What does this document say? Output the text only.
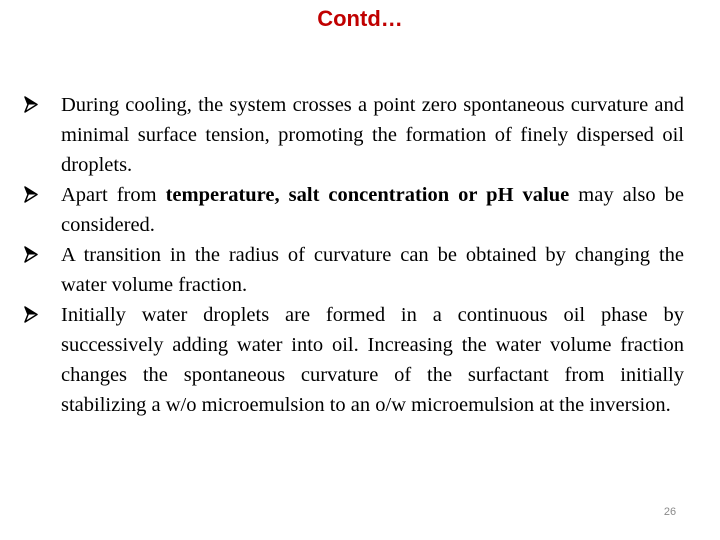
Contd…
During cooling, the system crosses a point zero spontaneous curvature and minimal surface tension, promoting the formation of finely dispersed oil droplets.
Apart from temperature, salt concentration or pH value may also be considered.
A transition in the radius of curvature can be obtained by changing the water volume fraction.
Initially water droplets are formed in a continuous oil phase by successively adding water into oil. Increasing the water volume fraction changes the spontaneous curvature of the surfactant from initially stabilizing a w/o microemulsion to an o/w microemulsion at the inversion.
26
